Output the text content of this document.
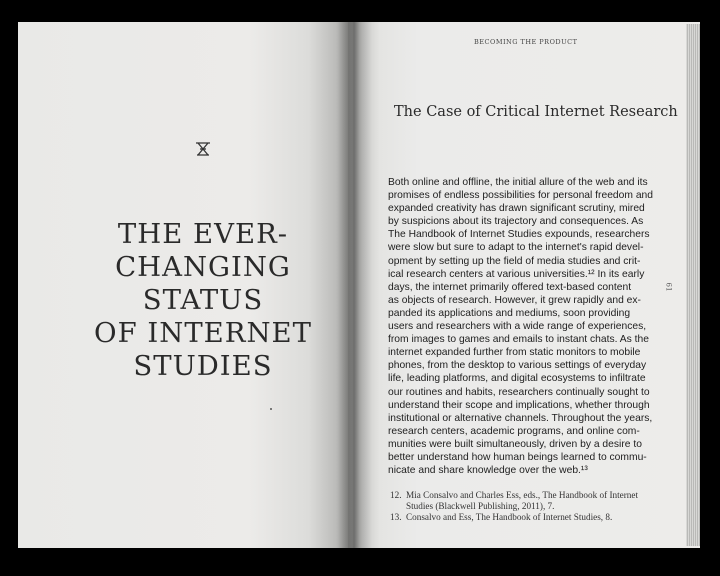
THE EVER-
CHANGING
STATUS
OF INTERNET
STUDIES
BECOMING THE PRODUCT
The Case of Critical Internet Research
Both online and offline, the initial allure of the web and its
promises of endless possibilities for personal freedom and
expanded creativity has drawn significant scrutiny, mired
by suspicions about its trajectory and consequences. As
The Handbook of Internet Studies expounds, researchers
were slow but sure to adapt to the internet's rapid devel-
opment by setting up the field of media studies and crit-
ical research centers at various universities.¹² In its early
days, the internet primarily offered text-based content
as objects of research. However, it grew rapidly and ex-
panded its applications and mediums, soon providing
users and researchers with a wide range of experiences,
from images to games and emails to instant chats. As the
internet expanded further from static monitors to mobile
phones, from the desktop to various settings of everyday
life, leading platforms, and digital ecosystems to infiltrate
our routines and habits, researchers continually sought to
understand their scope and implications, whether through
institutional or alternative channels. Throughout the years,
research centers, academic programs, and online com-
munities were built simultaneously, driven by a desire to
better understand how human beings learned to commu-
nicate and share knowledge over the web.¹³
12. Mia Consalvo and Charles Ess, eds., The Handbook of Internet Studies (Blackwell Publishing, 2011), 7.
13. Consalvo and Ess, The Handbook of Internet Studies, 8.
61
